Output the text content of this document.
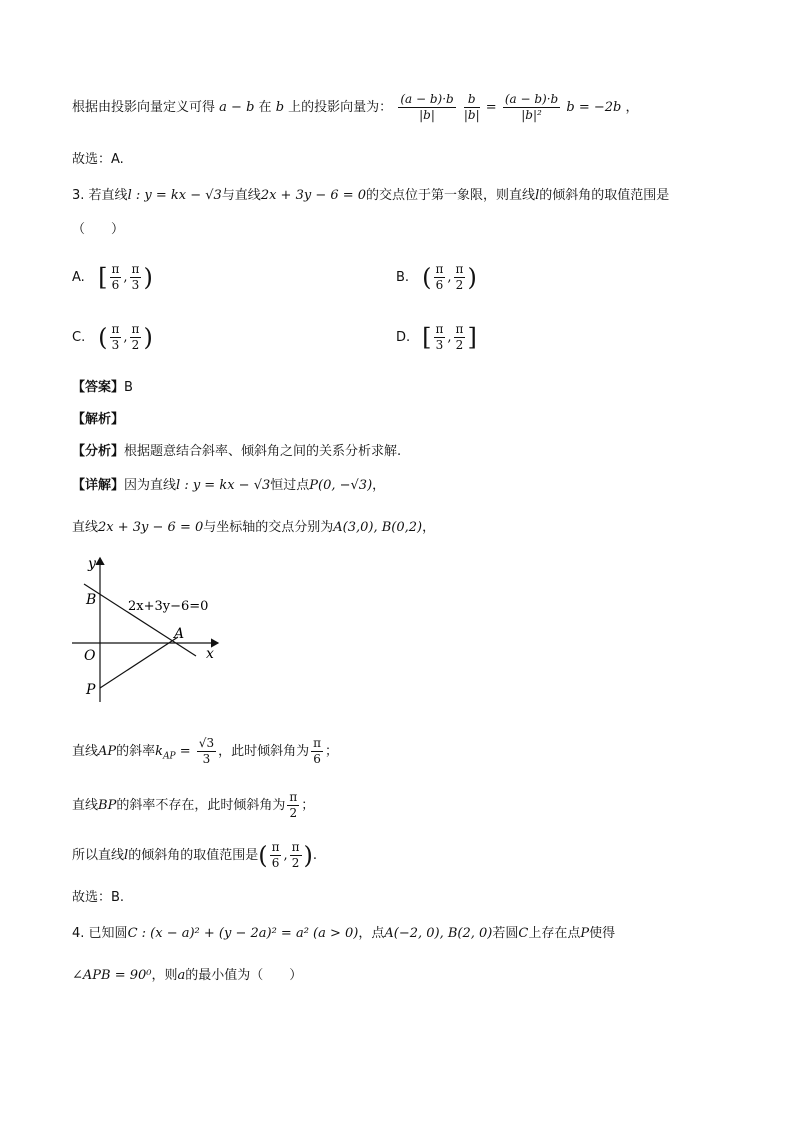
根据由投影向量定义可得 a − b 在 b 上的投影向量为： $\frac{(a - b)\cdot b}{|b|}$
$\frac{b}{|b|} = \frac{(a - b)\cdot b}{\text{|b|²}}$ b = −2b ，
故选：A.
3. 若直线l : y = kx − √3与直线2x + 3y − 6 = 0的交点位于第一象限，则直线l的倾斜角的取值范围是
（　　）
A. [ $\frac{\pi}{6}$ , $\frac{\pi}{3}$ )	B. ( $\frac{\pi}{6}$ , $\frac{\pi}{2}$ )
C. ( $\frac{\pi}{3}$ , $\frac{\pi}{2}$ )	D. [ $\frac{\pi}{3}$ , $\frac{\pi}{2}$ ]
【答案】B
【解析】
【分析】根据题意结合斜率、倾斜角之间的关系分析求解.
【详解】因为直线l : y = kx − √3恒过点P(0, −√3)，
直线2x + 3y − 6 = 0与坐标轴的交点分别为A(3,0), B(0,2)，
y
x
O
B
A
P
2x+3y−6=0
直线AP的斜率$k_{AP} = \frac{√3}{3}$ ，此时倾斜角为 $\frac{\pi}{6}$ ；
直线BP的斜率不存在，此时倾斜角为 $\frac{\pi}{2}$ ；
所以直线l的倾斜角的取值范围是( $\frac{\pi}{6}$ , $\frac{\pi}{2}$ ).
故选：B.
4. 已知圆C : (x − a)² + (y − 2a)² = a² (a > 0)，点A(−2, 0), B(2, 0)若圆C上存在点P使得
∠APB = 90⁰，则a的最小值为（　　）
